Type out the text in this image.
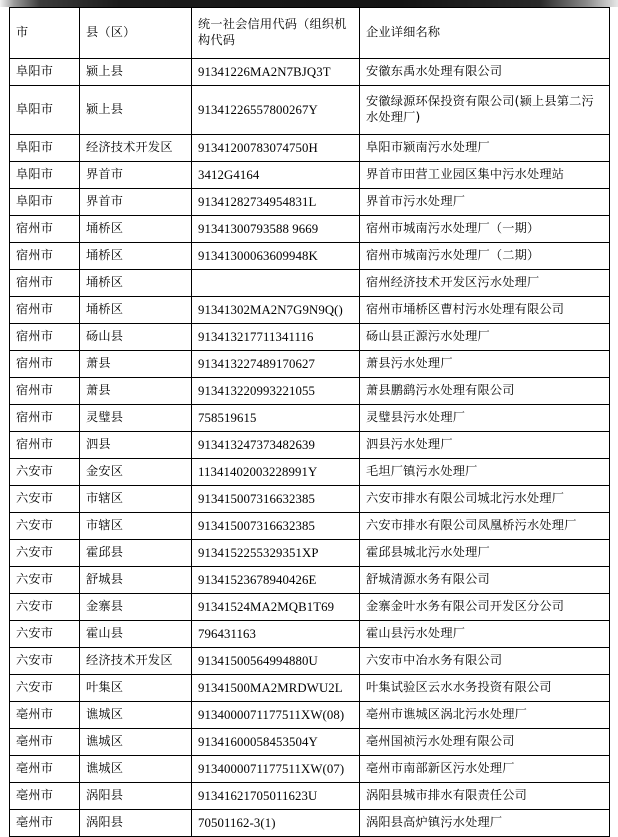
市	县（区）	统一社会信用代码（组织机构代码	企业详细名称
阜阳市	颍上县	91341226MA2N7BJQ3T	安徽东禹水处理有限公司
阜阳市	颍上县	91341226557800267Y	安徽绿源环保投资有限公司(颍上县第二污水处理厂)
阜阳市	经济技术开发区	91341200783074750H	阜阳市颍南污水处理厂
阜阳市	界首市	3412G4164	界首市田营工业园区集中污水处理站
阜阳市	界首市	91341282734954831L	界首市污水处理厂
宿州市	埇桥区	91341300793588 9669	宿州市城南污水处理厂（一期）
宿州市	埇桥区	91341300063609948K	宿州市城南污水处理厂（二期）
宿州市	埇桥区		宿州经济技术开发区污水处理厂
宿州市	埇桥区	91341302MA2N7G9N9Q()	宿州市埇桥区曹村污水处理有限公司
宿州市	砀山县	913413217711341116	砀山县正源污水处理厂
宿州市	萧县	913413227489170627	萧县污水处理厂
宿州市	萧县	913413220993221055	萧县鹏鹞污水处理有限公司
宿州市	灵璧县	758519615	灵璧县污水处理厂
宿州市	泗县	913413247373482639	泗县污水处理厂
六安市	金安区	11341402003228991Y	毛坦厂镇污水处理厂
六安市	市辖区	913415007316632385	六安市排水有限公司城北污水处理厂
六安市	市辖区	913415007316632385	六安市排水有限公司凤凰桥污水处理厂
六安市	霍邱县	9134152255329351XP	霍邱县城北污水处理厂
六安市	舒城县	91341523678940426E	舒城清源水务有限公司
六安市	金寨县	91341524MA2MQB1T69	金寨金叶水务有限公司开发区分公司
六安市	霍山县	796431163	霍山县污水处理厂
六安市	经济技术开发区	91341500564994880U	六安市中冶水务有限公司
六安市	叶集区	91341500MA2MRDWU2L	叶集试验区云水水务投资有限公司
亳州市	谯城区	9134000071177511XW(08)	亳州市谯城区涡北污水处理厂
亳州市	谯城区	91341600058453504Y	亳州国祯污水处理有限公司
亳州市	谯城区	9134000071177511XW(07)	亳州市南部新区污水处理厂
亳州市	涡阳县	91341621705011623U	涡阳县城市排水有限责任公司
亳州市	涡阳县	70501162-3(1)	涡阳县高炉镇污水处理厂
